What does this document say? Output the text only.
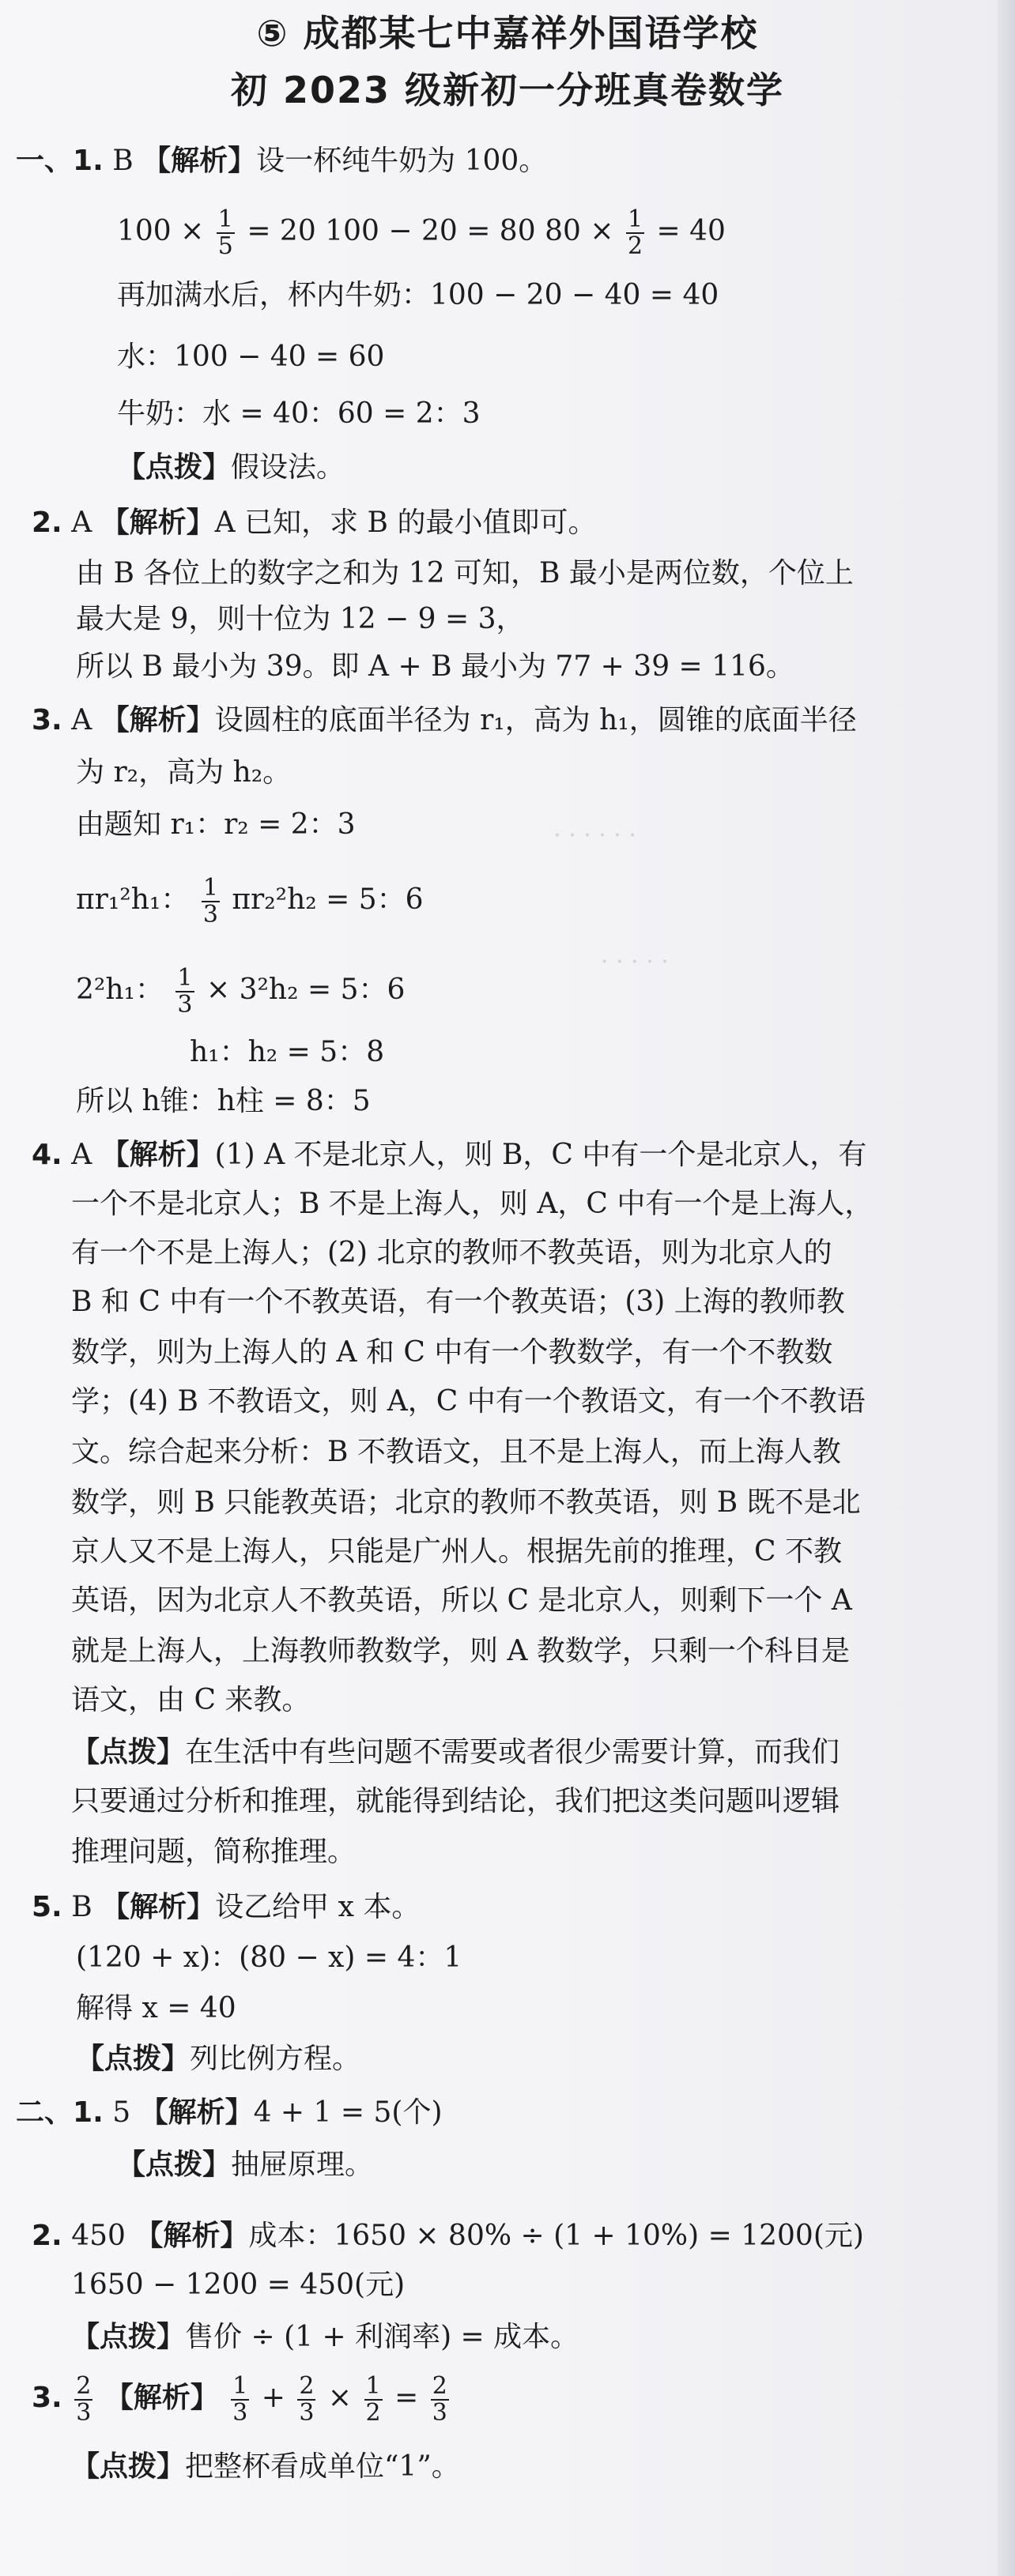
· · · · · ·
· · · · ·
⑤ 成都某七中嘉祥外国语学校
初 2023 级新初一分班真卷数学
一、1. B 【解析】设一杯纯牛奶为 100。
$100 \times \frac{1}{5} = 20$ 100 − 20 = 80 $80 \times \frac{1}{2} = 40$
再加满水后，杯内牛奶：100 − 20 − 40 = 40
水：100 − 40 = 60
牛奶：水 = 40：60 = 2：3
【点拨】假设法。
2. A 【解析】A 已知，求 B 的最小值即可。
由 B 各位上的数字之和为 12 可知，B 最小是两位数，个位上
最大是 9，则十位为 12 − 9 = 3，
所以 B 最小为 39。即 A + B 最小为 77 + 39 = 116。
3. A 【解析】设圆柱的底面半径为 r₁，高为 h₁，圆锥的底面半径
为 r₂，高为 h₂。
由题知 r₁：r₂ = 2：3
πr₁²h₁： $\frac{1}{3} \pi r_2^2h_2 = 5$：6
2²h₁： $\frac{1}{3} \times 3^2h_2 = 5$：6
h₁：h₂ = 5：8
所以 h锥：h柱 = 8：5
4. A 【解析】(1) A 不是北京人，则 B，C 中有一个是北京人，有
一个不是北京人；B 不是上海人，则 A，C 中有一个是上海人，
有一个不是上海人；(2) 北京的教师不教英语，则为北京人的
B 和 C 中有一个不教英语，有一个教英语；(3) 上海的教师教
数学，则为上海人的 A 和 C 中有一个教数学，有一个不教数
学；(4) B 不教语文，则 A，C 中有一个教语文，有一个不教语
文。综合起来分析：B 不教语文，且不是上海人，而上海人教
数学，则 B 只能教英语；北京的教师不教英语，则 B 既不是北
京人又不是上海人，只能是广州人。根据先前的推理，C 不教
英语，因为北京人不教英语，所以 C 是北京人，则剩下一个 A
就是上海人，上海教师教数学，则 A 教数学，只剩一个科目是
语文，由 C 来教。
【点拨】在生活中有些问题不需要或者很少需要计算，而我们
只要通过分析和推理，就能得到结论，我们把这类问题叫逻辑
推理问题，简称推理。
5. B 【解析】设乙给甲 x 本。
(120 + x)：(80 − x) = 4：1
解得 x = 40
【点拨】列比例方程。
二、1. 5 【解析】4 + 1 = 5(个)
【点拨】抽屉原理。
2. 450 【解析】成本：1650 × 80% ÷ (1 + 10%) = 1200(元)
1650 − 1200 = 450(元)
【点拨】售价 ÷ (1 + 利润率) = 成本。
3. $\frac{2}{3}$ 【解析】 $\frac{1}{3} + \frac{2}{3} \times \frac{1}{2} = \frac{2}{3}$
【点拨】把整杯看成单位“1”。
